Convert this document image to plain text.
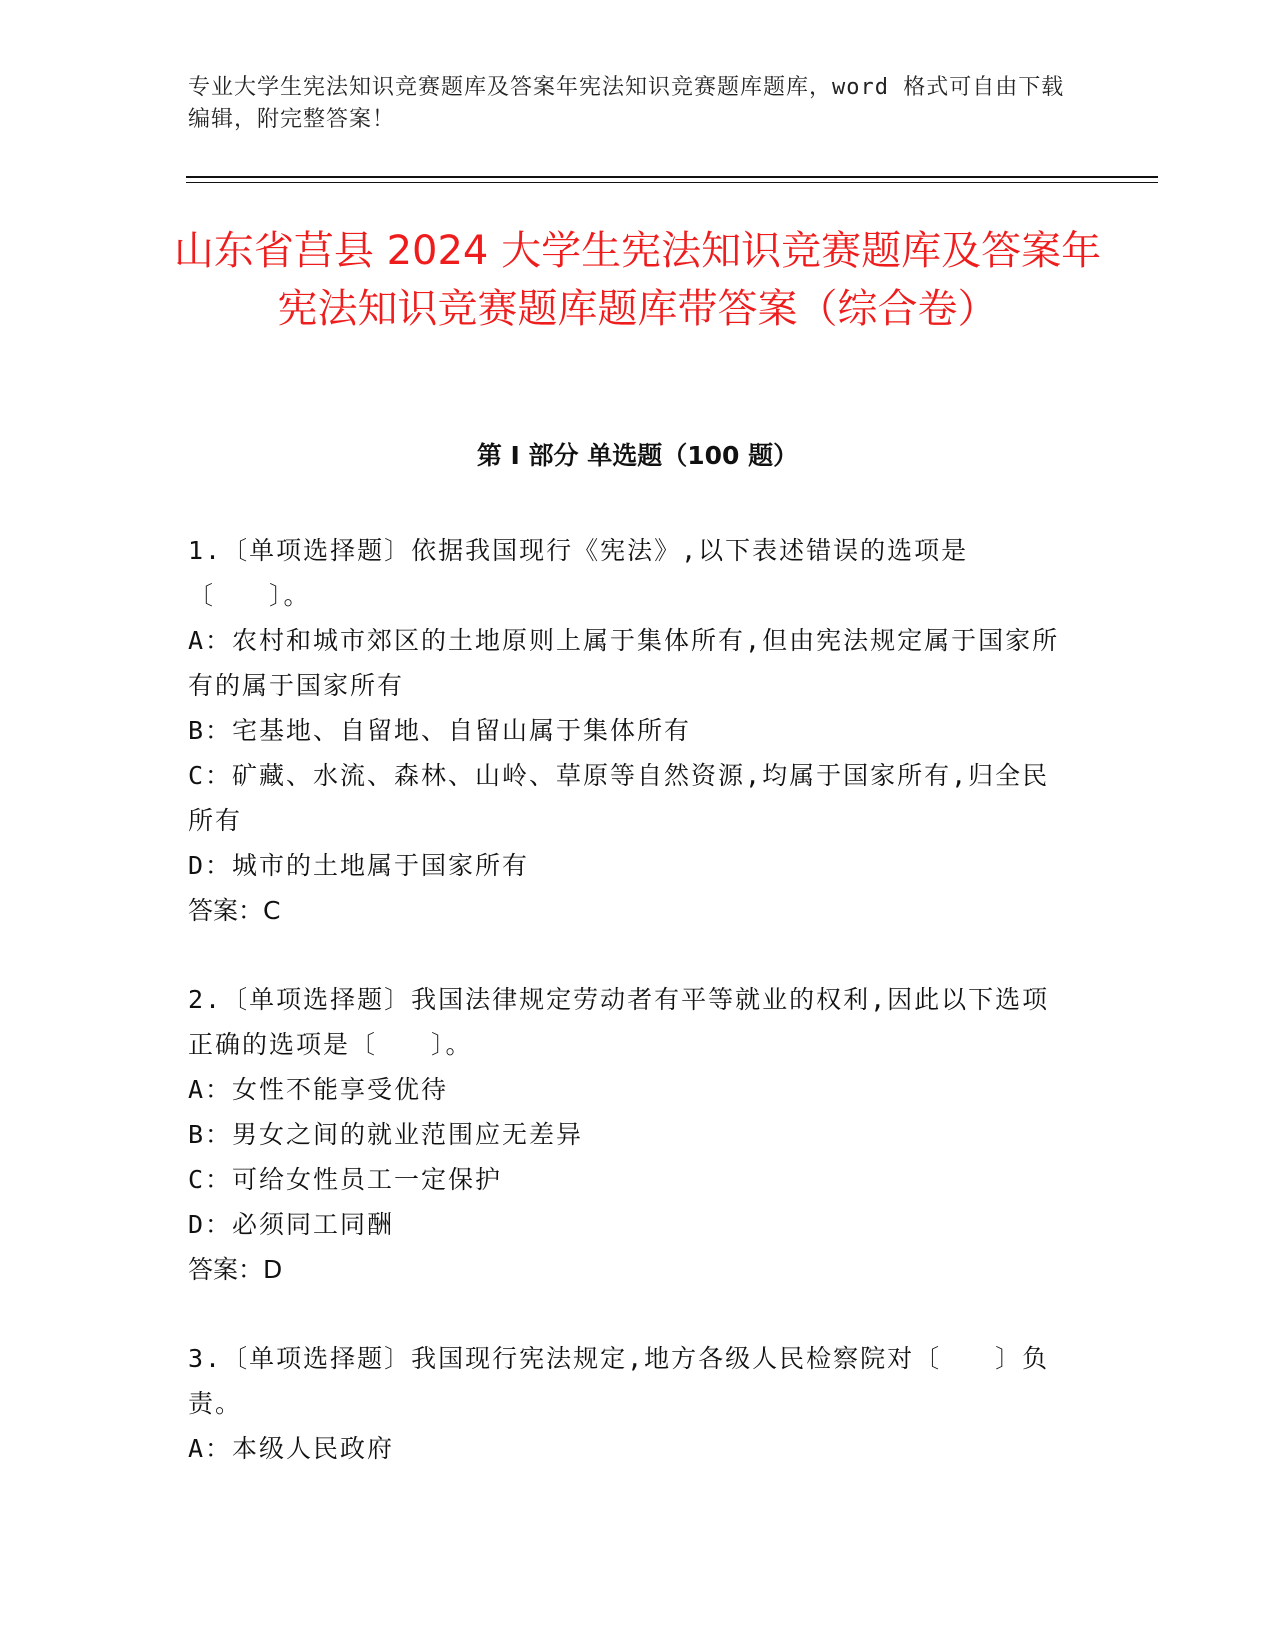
专业大学生宪法知识竞赛题库及答案年宪法知识竞赛题库题库，word 格式可自由下载编辑，附完整答案！
山东省莒县 2024 大学生宪法知识竞赛题库及答案年宪法知识竞赛题库题库带答案（综合卷）
第 I 部分 单选题（100 题）

1.〔单项选择题〕依据我国现行《宪法》,以下表述错误的选项是〔　　〕。

A：农村和城市郊区的土地原则上属于集体所有,但由宪法规定属于国家所有的属于国家所有

B：宅基地、自留地、自留山属于集体所有

C：矿藏、水流、森林、山岭、草原等自然资源,均属于国家所有,归全民所有

D：城市的土地属于国家所有

答案：C

2.〔单项选择题〕我国法律规定劳动者有平等就业的权利,因此以下选项正确的选项是〔　　〕。

A：女性不能享受优待

B：男女之间的就业范围应无差异

C：可给女性员工一定保护

D：必须同工同酬

答案：D

3.〔单项选择题〕我国现行宪法规定,地方各级人民检察院对〔　　〕负责。

A：本级人民政府
